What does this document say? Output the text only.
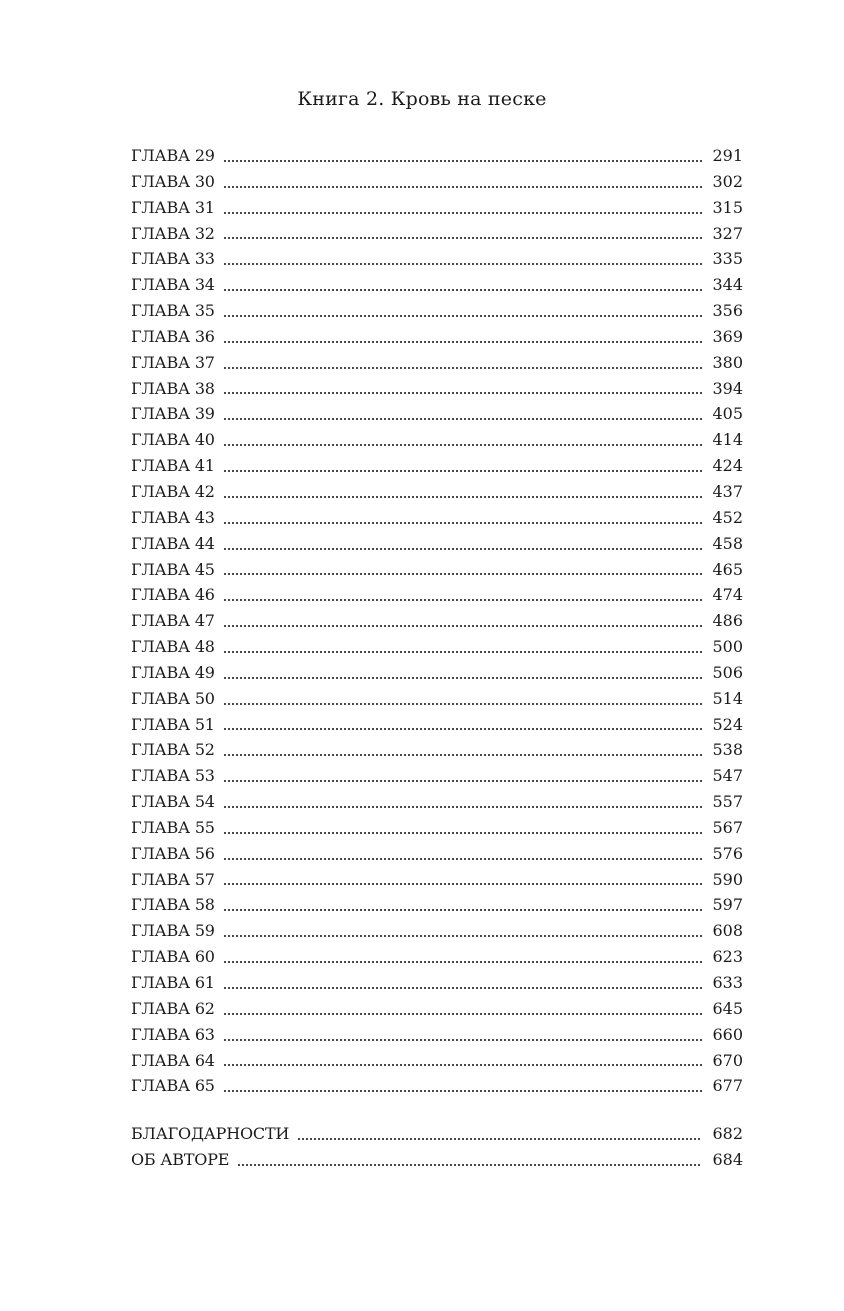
Книга 2. Кровь на песке
ГЛАВА 29	291
ГЛАВА 30	302
ГЛАВА 31	315
ГЛАВА 32	327
ГЛАВА 33	335
ГЛАВА 34	344
ГЛАВА 35	356
ГЛАВА 36	369
ГЛАВА 37	380
ГЛАВА 38	394
ГЛАВА 39	405
ГЛАВА 40	414
ГЛАВА 41	424
ГЛАВА 42	437
ГЛАВА 43	452
ГЛАВА 44	458
ГЛАВА 45	465
ГЛАВА 46	474
ГЛАВА 47	486
ГЛАВА 48	500
ГЛАВА 49	506
ГЛАВА 50	514
ГЛАВА 51	524
ГЛАВА 52	538
ГЛАВА 53	547
ГЛАВА 54	557
ГЛАВА 55	567
ГЛАВА 56	576
ГЛАВА 57	590
ГЛАВА 58	597
ГЛАВА 59	608
ГЛАВА 60	623
ГЛАВА 61	633
ГЛАВА 62	645
ГЛАВА 63	660
ГЛАВА 64	670
ГЛАВА 65	677
БЛАГОДАРНОСТИ	682
ОБ АВТОРЕ	684
